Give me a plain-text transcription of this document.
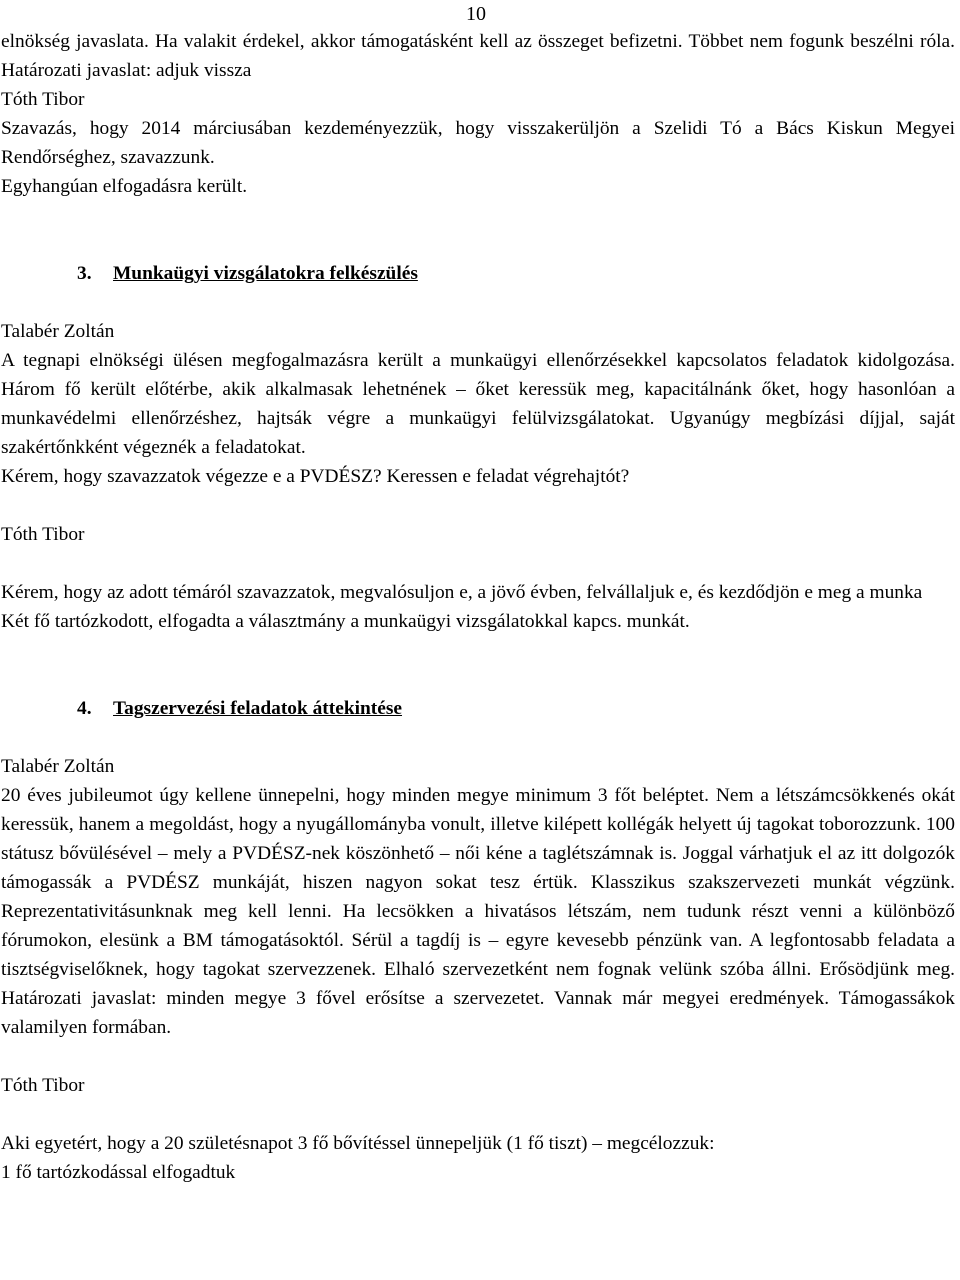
10

elnökség javaslata. Ha valakit érdekel, akkor támogatásként kell az összeget befizetni. Többet nem fogunk beszélni róla. Határozati javaslat: adjuk vissza

Tóth Tibor

Szavazás, hogy 2014 márciusában kezdeményezzük, hogy visszakerüljön a Szelidi Tó a Bács Kiskun Megyei Rendőrséghez, szavazzunk.

Egyhangúan elfogadásra került.

3. Munkaügyi vizsgálatokra felkészülés

Talabér Zoltán

A tegnapi elnökségi ülésen megfogalmazásra került a munkaügyi ellenőrzésekkel kapcsolatos feladatok kidolgozása. Három fő került előtérbe, akik alkalmasak lehetnének – őket keressük meg, kapacitálnánk őket, hogy hasonlóan a munkavédelmi ellenőrzéshez, hajtsák végre a munkaügyi felülvizsgálatokat. Ugyanúgy megbízási díjjal, saját szakértőnkként végeznék a feladatokat.

Kérem, hogy szavazzatok végezze e a PVDÉSZ? Keressen e feladat végrehajtót?

Tóth Tibor

Kérem, hogy az adott témáról szavazzatok, megvalósuljon e, a jövő évben, felvállaljuk e, és kezdődjön e meg a munka

Két fő tartózkodott, elfogadta a választmány a munkaügyi vizsgálatokkal kapcs. munkát.

4. Tagszervezési feladatok áttekintése

Talabér Zoltán

20 éves jubileumot úgy kellene ünnepelni, hogy minden megye minimum 3 főt beléptet. Nem a létszámcsökkenés okát keressük, hanem a megoldást, hogy a nyugállományba vonult, illetve kilépett kollégák helyett új tagokat toborozzunk. 100 státusz bővülésével – mely a PVDÉSZ-nek köszönhető – női kéne a taglétszámnak is. Joggal várhatjuk el az itt dolgozók támogassák a PVDÉSZ munkáját, hiszen nagyon sokat tesz értük. Klasszikus szakszervezeti munkát végzünk. Reprezentativitásunknak meg kell lenni. Ha lecsökken a hivatásos létszám, nem tudunk részt venni a különböző fórumokon, elesünk a BM támogatásoktól. Sérül a tagdíj is – egyre kevesebb pénzünk van. A legfontosabb feladata a tisztségviselőknek, hogy tagokat szervezzenek. Elhaló szervezetként nem fognak velünk szóba állni. Erősödjünk meg. Határozati javaslat: minden megye 3 fővel erősítse a szervezetet. Vannak már megyei eredmények. Támogassákok valamilyen formában.

Tóth Tibor

Aki egyetért, hogy a 20 születésnapot 3 fő bővítéssel ünnepeljük (1 fő tiszt) – megcélozzuk:

1 fő tartózkodással elfogadtuk
